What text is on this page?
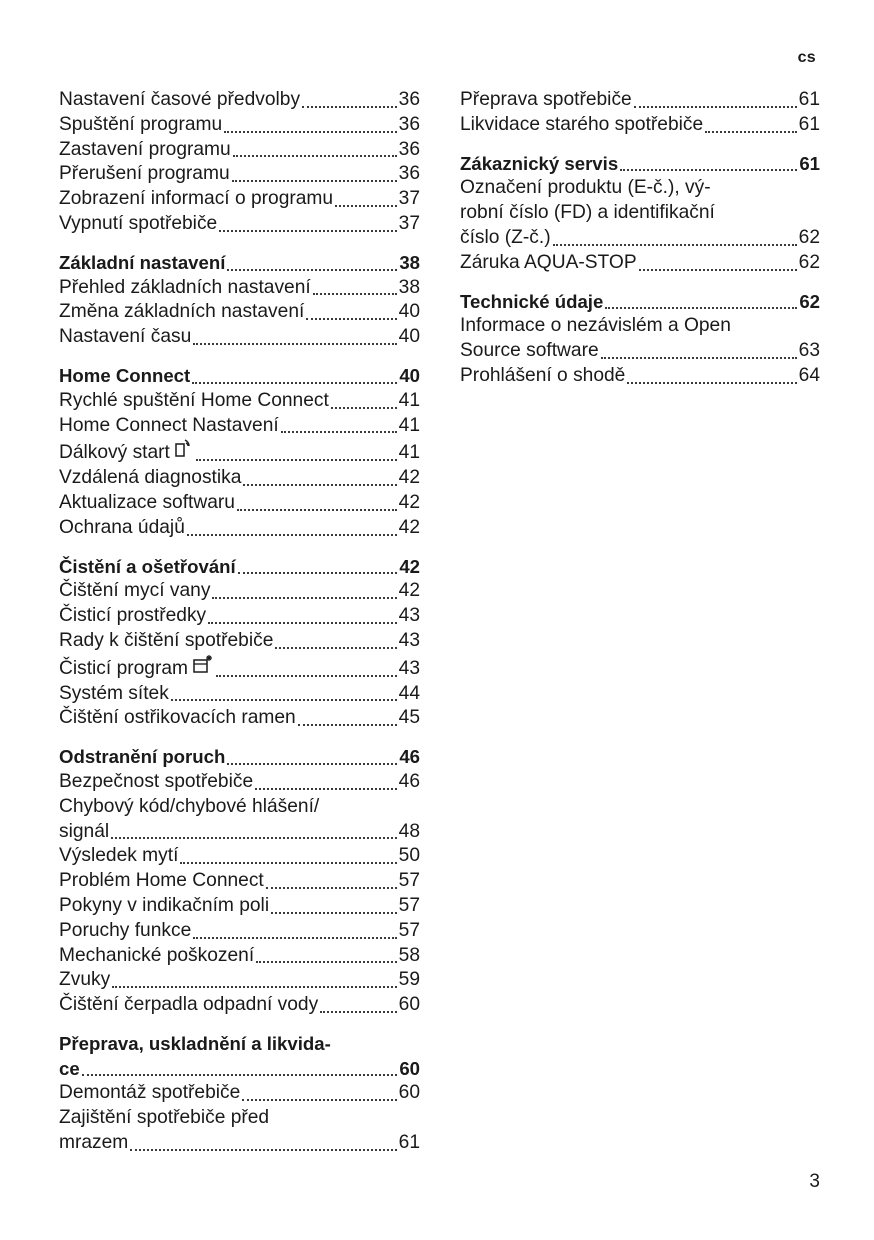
cs
Nastavení časové předvolby	36
Spuštění programu	36
Zastavení programu	36
Přerušení programu	36
Zobrazení informací o programu	37
Vypnutí spotřebiče	37
Základní nastavení	38
Přehled základních nastavení	38
Změna základních nastavení	40
Nastavení času	40
Home Connect	40
Rychlé spuštění Home Connect	41
Home Connect Nastavení	41
Dálkový start	41
Vzdálená diagnostika	42
Aktualizace softwaru	42
Ochrana údajů	42
Čistění a ošetřování	42
Čištění mycí vany	42
Čisticí prostředky	43
Rady k čištění spotřebiče	43
Čisticí program	43
Systém sítek	44
Čištění ostřikovacích ramen	45
Odstranění poruch	46
Bezpečnost spotřebiče	46
Chybový kód/chybové hlášení/
signál	48
Výsledek mytí	50
Problém Home Connect	57
Pokyny v indikačním poli	57
Poruchy funkce	57
Mechanické poškození	58
Zvuky	59
Čištění čerpadla odpadní vody	60
Přeprava, uskladnění a likvida-
ce	60
Demontáž spotřebiče	60
Zajištění spotřebiče před
mrazem	61
Přeprava spotřebiče	61
Likvidace starého spotřebiče	61
Zákaznický servis	61
Označení produktu (E-č.), vý-
robní číslo (FD) a identifikační
číslo (Z-č.)	62
Záruka AQUA-STOP	62
Technické údaje	62
Informace o nezávislém a Open
Source software	63
Prohlášení o shodě	64
3
